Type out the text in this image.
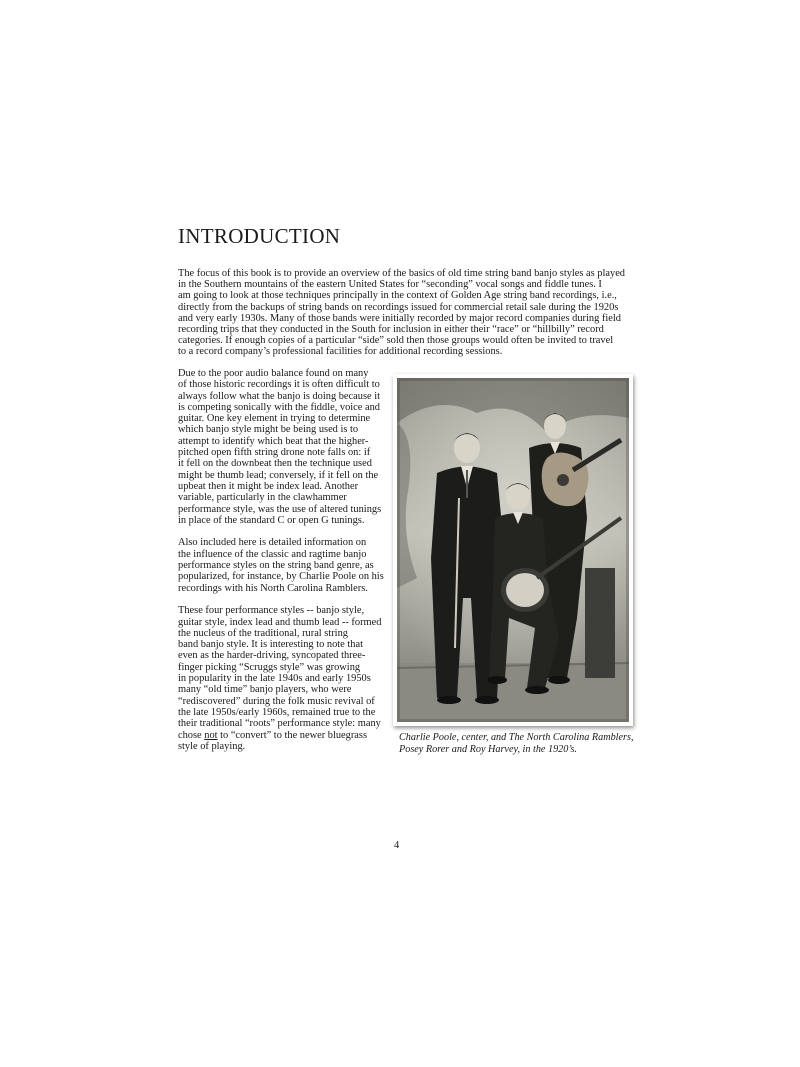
INTRODUCTION
The focus of this book is to provide an overview of the basics of old time string band banjo styles as played
in the Southern mountains of the eastern United States for “seconding” vocal songs and fiddle tunes. I
am going to look at those techniques principally in the context of Golden Age string band recordings, i.e.,
directly from the backups of string bands on recordings issued for commercial retail sale during the 1920s
and very early 1930s. Many of those bands were initially recorded by major record companies during field
recording trips that they conducted in the South for inclusion in either their “race” or “hillbilly” record
categories. If enough copies of a particular “side” sold then those groups would often be invited to travel
to a record company’s professional facilities for additional recording sessions.

Due to the poor audio balance found on many
of those historic recordings it is often difficult to
always follow what the banjo is doing because it
is competing sonically with the fiddle, voice and
guitar. One key element in trying to determine
which banjo style might be being used is to
attempt to identify which beat that the higher-
pitched open fifth string drone note falls on: if
it fell on the downbeat then the technique used
might be thumb lead; conversely, if it fell on the
upbeat then it might be index lead. Another
variable, particularly in the clawhammer
performance style, was the use of altered tunings
in place of the standard C or open G tunings.

Also included here is detailed information on
the influence of the classic and ragtime banjo
performance styles on the string band genre, as
popularized, for instance, by Charlie Poole on his
recordings with his North Carolina Ramblers.

These four performance styles -- banjo style,
guitar style, index lead and thumb lead -- formed
the nucleus of the traditional, rural string
band banjo style. It is interesting to note that
even as the harder-driving, syncopated three-
finger picking “Scruggs style” was growing
in popularity in the late 1940s and early 1950s
many “old time” banjo players, who were
“rediscovered” during the folk music revival of
the late 1950s/early 1960s, remained true to the
their traditional “roots” performance style: many
chose not to “convert” to the newer bluegrass
style of playing.

Charlie Poole, center, and The North Carolina Ramblers,
Posey Rorer and Roy Harvey, in the 1920’s.
4
